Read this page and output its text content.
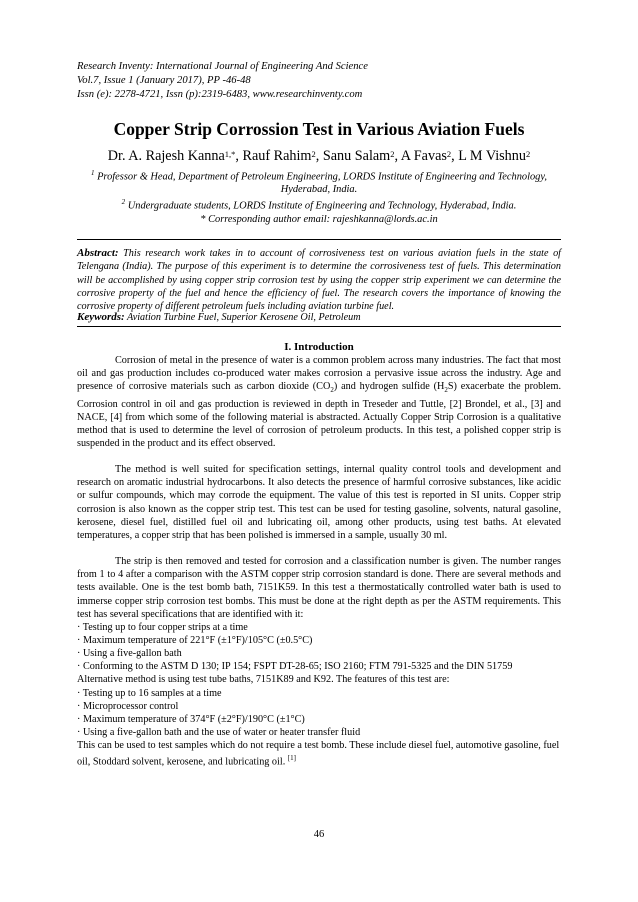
Research Inventy: International Journal of Engineering And Science
Vol.7, Issue 1 (January 2017), PP -46-48
Issn (e): 2278-4721, Issn (p):2319-6483, www.researchinventy.com
Copper Strip Corrossion Test in Various Aviation Fuels
Dr. A. Rajesh Kanna$^{1,*}$, Rauf Rahim$^2$, Sanu Salam$^2$, A Favas$^2$, L M Vishnu$^2$
$^1$ Professor & Head, Department of Petroleum Engineering, LORDS Institute of Engineering and Technology, Hyderabad, India.
$^2$ Undergraduate students, LORDS Institute of Engineering and Technology, Hyderabad, India.
* Corresponding author email: rajeshkanna@lords.ac.in
Abstract: This research work takes in to account of corrosiveness test on various aviation fuels in the state of Telengana (India). The purpose of this experiment is to determine the corrosiveness test of fuels. This determination will be accomplished by using copper strip corrosion test by using the copper strip experiment we can determine the corrosive property of the fuel and hence the efficiency of fuel. The research covers the importance of knowing the corrosive property of different petroleum fuels including aviation turbine fuel.
Keywords: Aviation Turbine Fuel, Superior Kerosene Oil, Petroleum
I. Introduction

Corrosion of metal in the presence of water is a common problem across many industries. The fact that most oil and gas production includes co-produced water makes corrosion a pervasive issue across the industry. Age and presence of corrosive materials such as carbon dioxide $(CO_2)$ and hydrogen sulfide $(H_2S)$ exacerbate the problem. Corrosion control in oil and gas production is reviewed in depth in Treseder and Tuttle, [2] Brondel, et al., [3] and NACE, [4] from which some of the following material is abstracted. Actually Copper Strip Corrosion is a qualitative method that is used to determine the level of corrosion of petroleum products. In this test, a polished copper strip is suspended in the product and its effect observed.

The method is well suited for specification settings, internal quality control tools and development and research on aromatic industrial hydrocarbons. It also detects the presence of harmful corrosive substances, like acidic or sulfur compounds, which may corrode the equipment. The value of this test is reported in SI units. Copper strip corrosion is also known as the copper strip test. This test can be used for testing gasoline, solvents, natural gasoline, kerosene, diesel fuel, distilled fuel oil and lubricating oil, among other products, using test baths. At elevated temperatures, a copper strip that has been polished is immersed in a sample, usually 30 ml.

The strip is then removed and tested for corrosion and a classification number is given. The number ranges from 1 to 4 after a comparison with the ASTM copper strip corrosion standard is done. There are several methods and tests available. One is the test bomb bath, 7151K59. In this test a thermostatically controlled water bath is used to immerse copper strip corrosion test bombs. This must be done at the right depth as per the ASTM requirements. This test has several specifications that are identified with it:

· Testing up to four copper strips at a time

· Maximum temperature of 221°F (±1°F)/105°C (±0.5°C)

· Using a five-gallon bath

· Conforming to the ASTM D 130; IP 154; FSPT DT-28-65; ISO 2160; FTM 791-5325 and the DIN 51759

Alternative method is using test tube baths, 7151K89 and K92. The features of this test are:

· Testing up to 16 samples at a time

· Microprocessor control

· Maximum temperature of 374°F (±2°F)/190°C (±1°C)

· Using a five-gallon bath and the use of water or heater transfer fluid

This can be used to test samples which do not require a test bomb. These include diesel fuel, automotive gasoline, fuel oil, Stoddard solvent, kerosene, and lubricating oil. [1]

46
